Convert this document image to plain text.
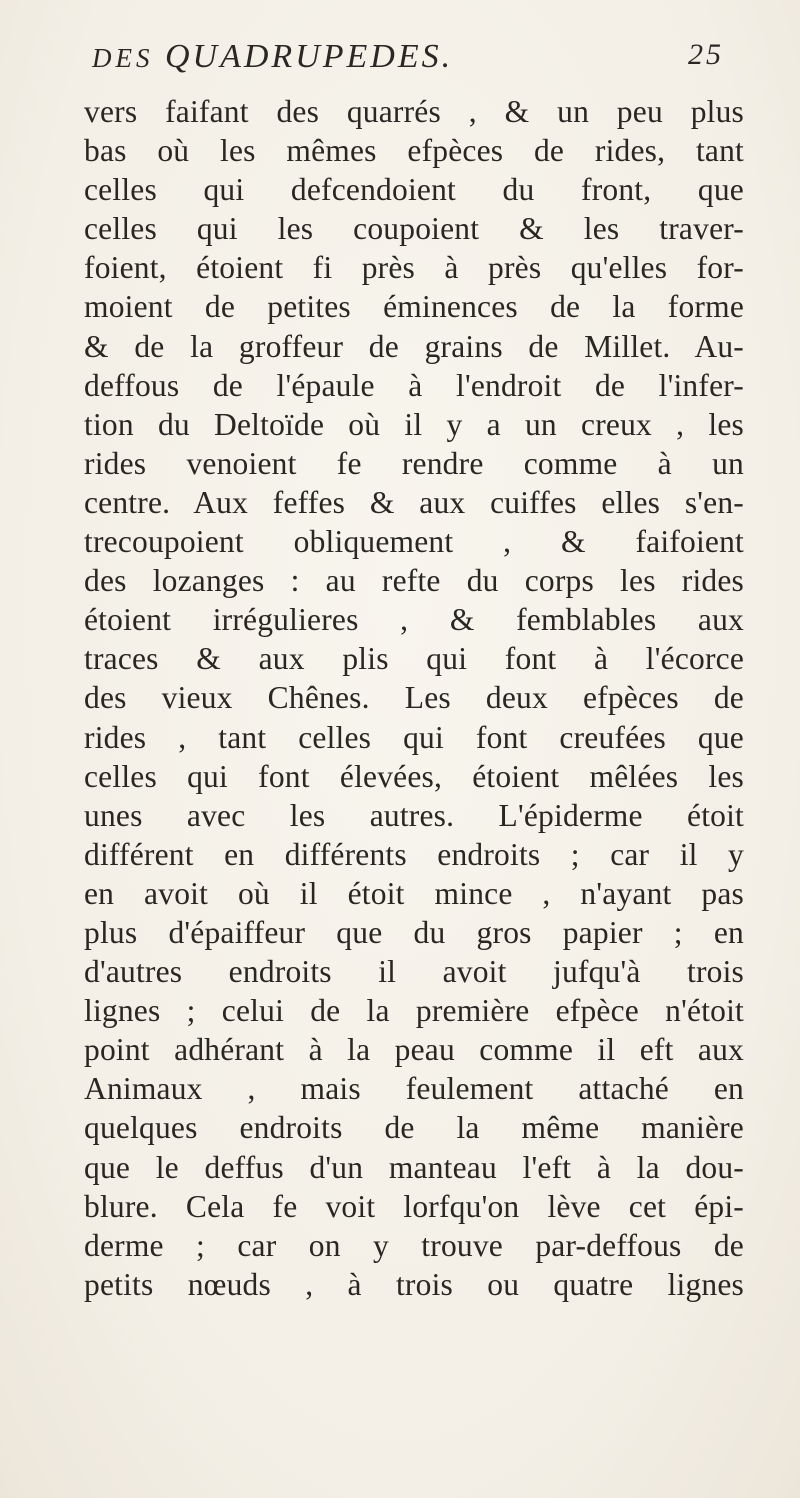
DES QUADRUPEDES.	25
vers faifant des quarrés , & un peu plus
bas où les mêmes efpèces de rides, tant
celles qui defcendoient du front, que
celles qui les coupoient & les traver-
foient, étoient fi près à près qu'elles for-
moient de petites éminences de la forme
& de la groffeur de grains de Millet. Au-
deffous de l'épaule à l'endroit de l'infer-
tion du Deltoïde où il y a un creux , les
rides venoient fe rendre comme à un
centre. Aux feffes & aux cuiffes elles s'en-
trecoupoient obliquement , & faifoient
des lozanges : au refte du corps les rides
étoient irrégulieres , & femblables aux
traces & aux plis qui font à l'écorce
des vieux Chênes. Les deux efpèces de
rides , tant celles qui font creufées que
celles qui font élevées, étoient mêlées les
unes avec les autres. L'épiderme étoit
différent en différents endroits ; car il y
en avoit où il étoit mince , n'ayant pas
plus d'épaiffeur que du gros papier ; en
d'autres endroits il avoit jufqu'à trois
lignes ; celui de la première efpèce n'étoit
point adhérant à la peau comme il eft aux
Animaux , mais feulement attaché en
quelques endroits de la même manière
que le deffus d'un manteau l'eft à la dou-
blure. Cela fe voit lorfqu'on lève cet épi-
derme ; car on y trouve par-deffous de
petits nœuds , à trois ou quatre lignes
